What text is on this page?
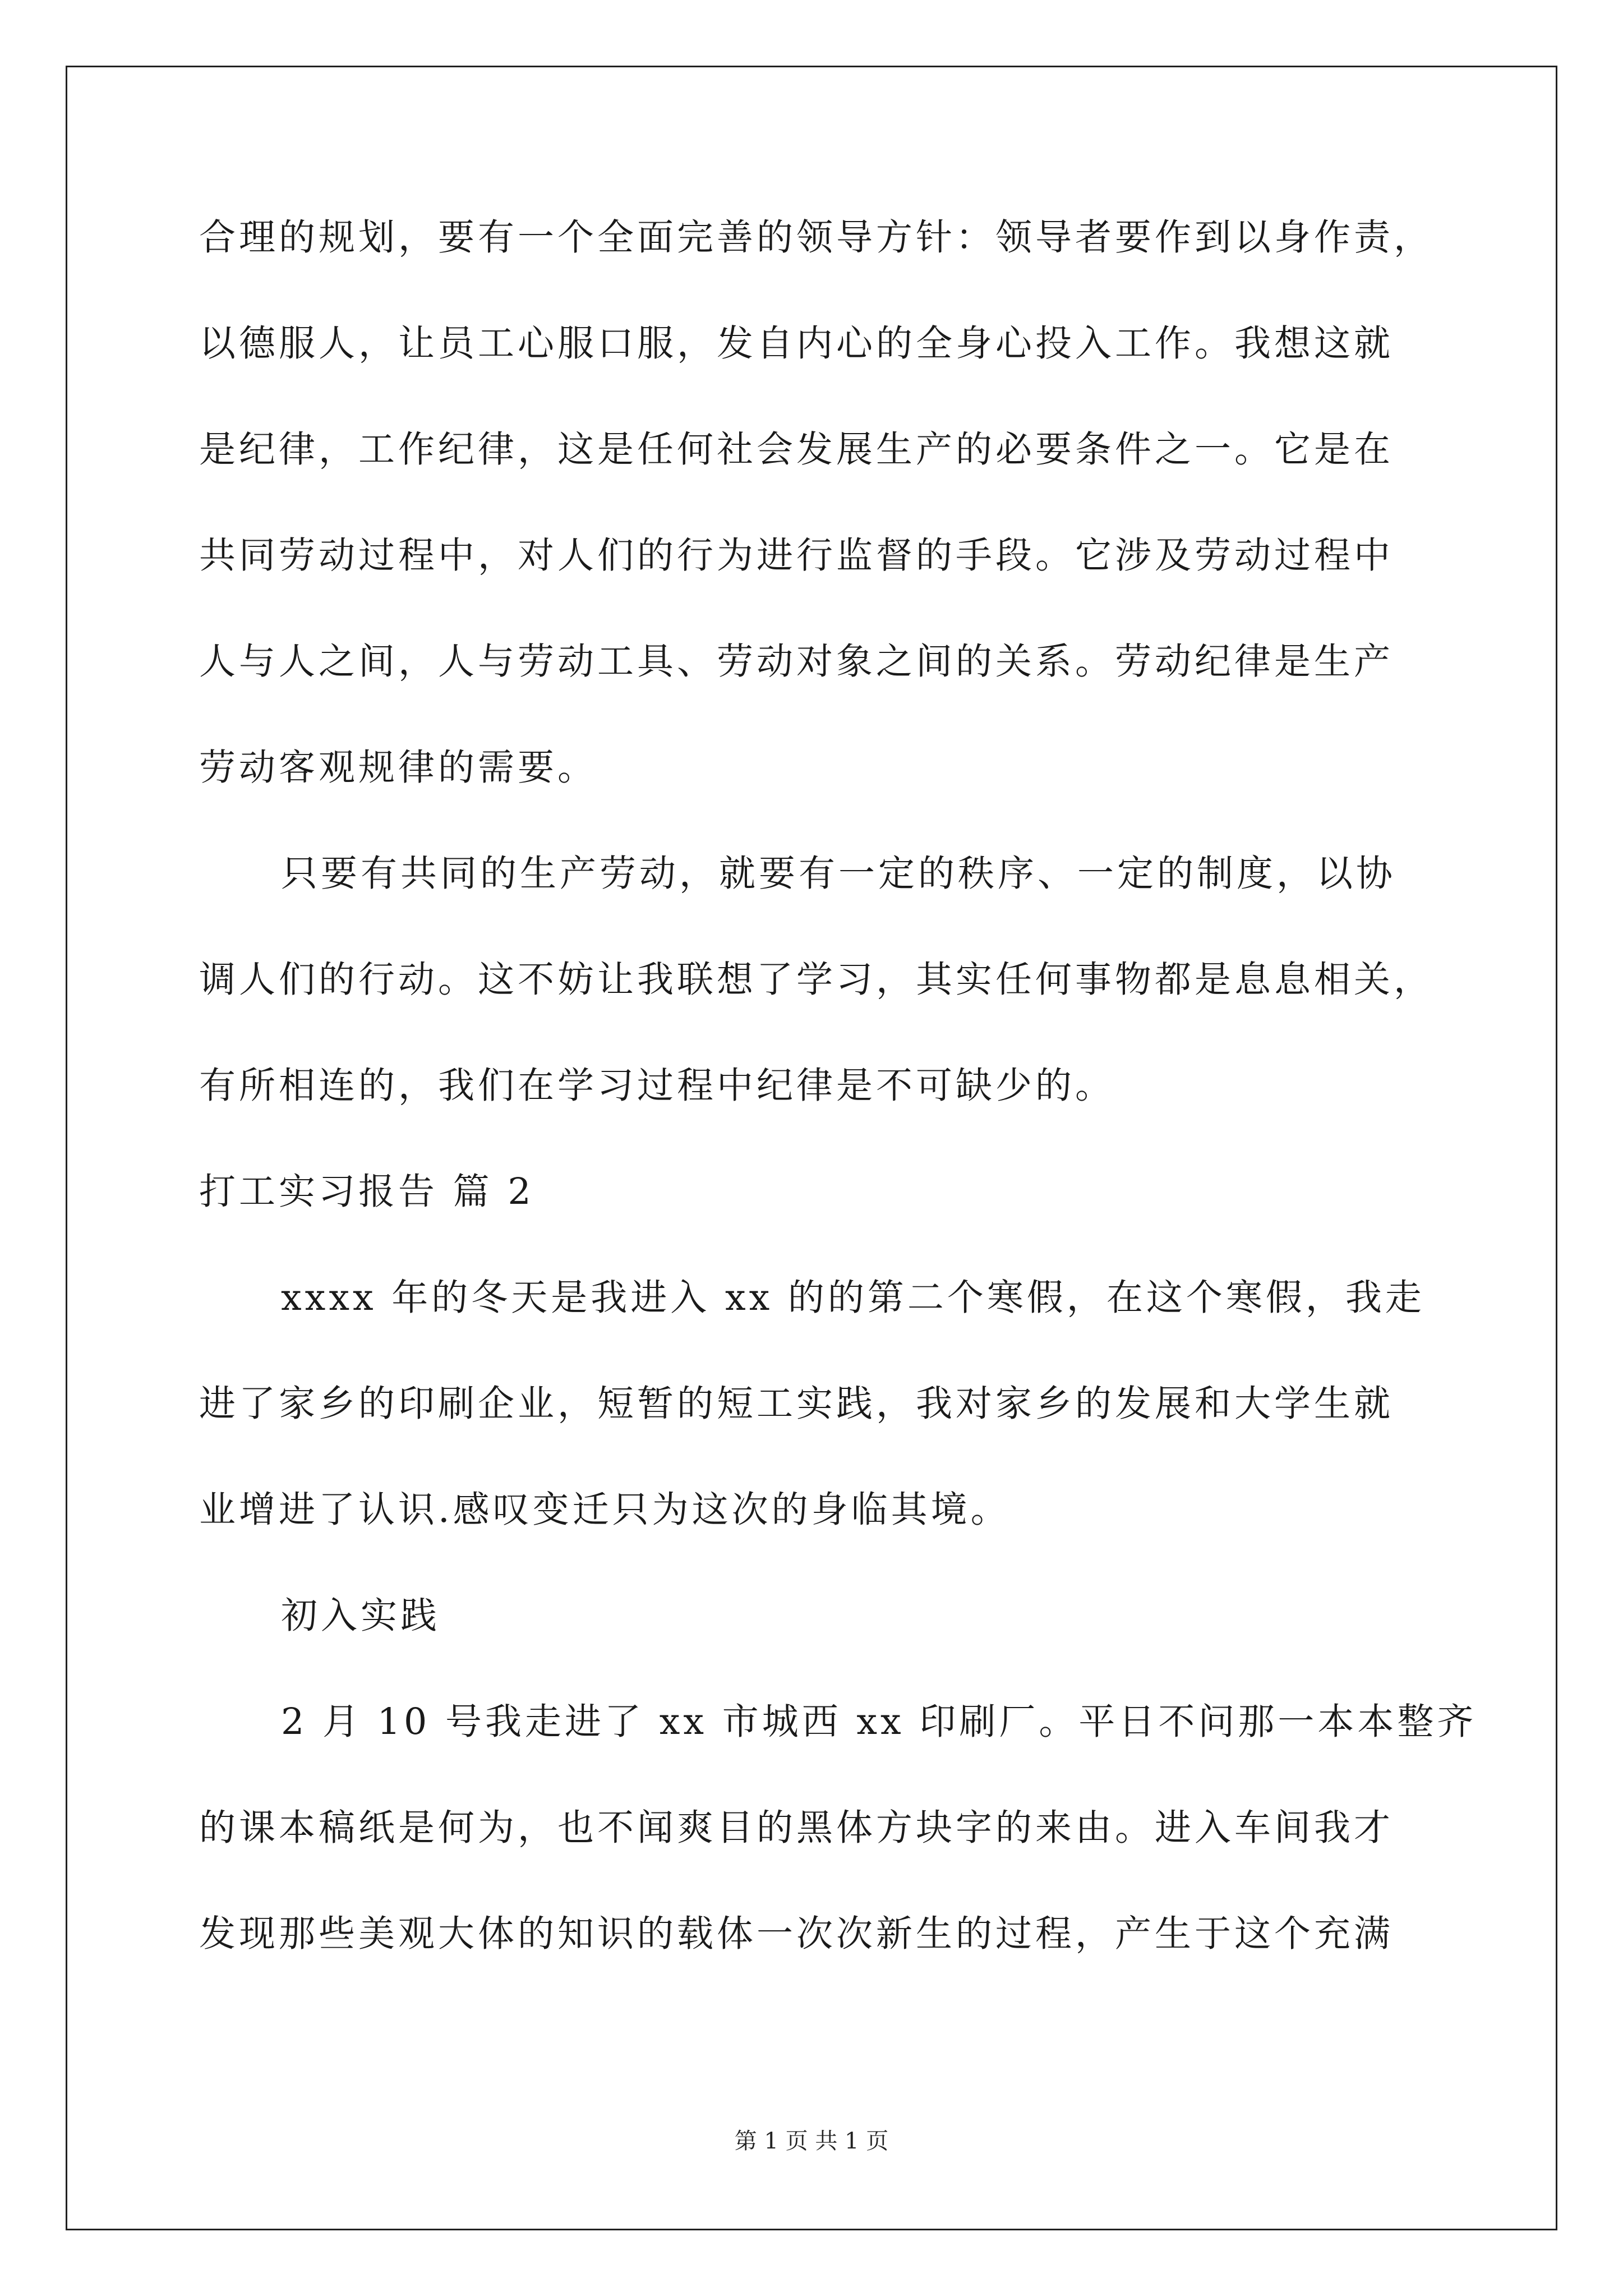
合理的规划，要有一个全面完善的领导方针：领导者要作到以身作责，
以德服人，让员工心服口服，发自内心的全身心投入工作。我想这就
是纪律，工作纪律，这是任何社会发展生产的必要条件之一。它是在
共同劳动过程中，对人们的行为进行监督的手段。它涉及劳动过程中
人与人之间，人与劳动工具、劳动对象之间的关系。劳动纪律是生产
劳动客观规律的需要。
只要有共同的生产劳动，就要有一定的秩序、一定的制度，以协
调人们的行动。这不妨让我联想了学习，其实任何事物都是息息相关，
有所相连的，我们在学习过程中纪律是不可缺少的。
打工实习报告 篇 2
xxxx 年的冬天是我进入 xx 的的第二个寒假，在这个寒假，我走
进了家乡的印刷企业，短暂的短工实践，我对家乡的发展和大学生就
业增进了认识.感叹变迁只为这次的身临其境。
初入实践
2 月 10 号我走进了 xx 市城西 xx 印刷厂。平日不问那一本本整齐
的课本稿纸是何为，也不闻爽目的黑体方块字的来由。进入车间我才
发现那些美观大体的知识的载体一次次新生的过程，产生于这个充满
第 1 页 共 1 页
